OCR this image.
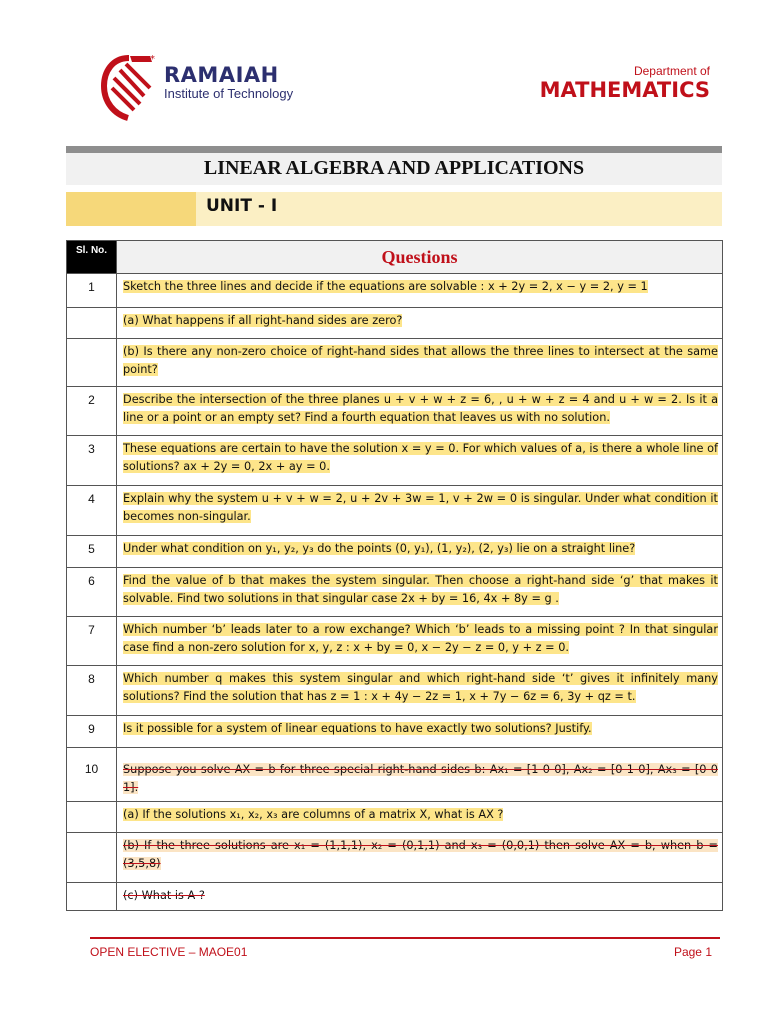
*
RAMAIAH
Institute of Technology
Department of
MATHEMATICS
LINEAR ALGEBRA AND APPLICATIONS
UNIT - I
Sl. No.	Questions
1	Sketch the three lines and decide if the equations are solvable : x + 2y = 2, x − y = 2, y = 1
	(a) What happens if all right-hand sides are zero?
	(b) Is there any non-zero choice of right-hand sides that allows the three lines to intersect at the same point?
2	Describe the intersection of the three planes u + v + w + z = 6, , u + w + z = 4 and u + w = 2. Is it a line or a point or an empty set? Find a fourth equation that leaves us with no solution.
3	These equations are certain to have the solution x = y = 0. For which values of a, is there a whole line of solutions? ax + 2y = 0, 2x + ay = 0.
4	Explain why the system u + v + w = 2, u + 2v + 3w = 1, v + 2w = 0 is singular. Under what condition it becomes non-singular.
5	Under what condition on y₁, y₂, y₃ do the points (0, y₁), (1, y₂), (2, y₃) lie on a straight line?
6	Find the value of b that makes the system singular. Then choose a right-hand side ‘g’ that makes it solvable. Find two solutions in that singular case 2x + by = 16, 4x + 8y = g .
7	Which number ‘b’ leads later to a row exchange? Which ‘b’ leads to a missing point ? In that singular case find a non-zero solution for x, y, z : x + by = 0, x − 2y − z = 0, y + z = 0.
8	Which number q makes this system singular and which right-hand side ‘t’ gives it infinitely many solutions? Find the solution that has z = 1 : x + 4y − 2z = 1, x + 7y − 6z = 6, 3y + qz = t.
9	Is it possible for a system of linear equations to have exactly two solutions? Justify.
10	Suppose you solve AX = b for three special right-hand sides b: Ax₁ = [1 0 0], Ax₂ = [0 1 0], Ax₃ = [0 0 1].
	(a) If the solutions x₁, x₂, x₃ are columns of a matrix X, what is AX ?
	(b) If the three solutions are x₁ = (1,1,1), x₂ = (0,1,1) and x₃ = (0,0,1) then solve AX = b, when b = (3,5,8)
	(c) What is A ?
OPEN ELECTIVE – MAOE01	Page 1
